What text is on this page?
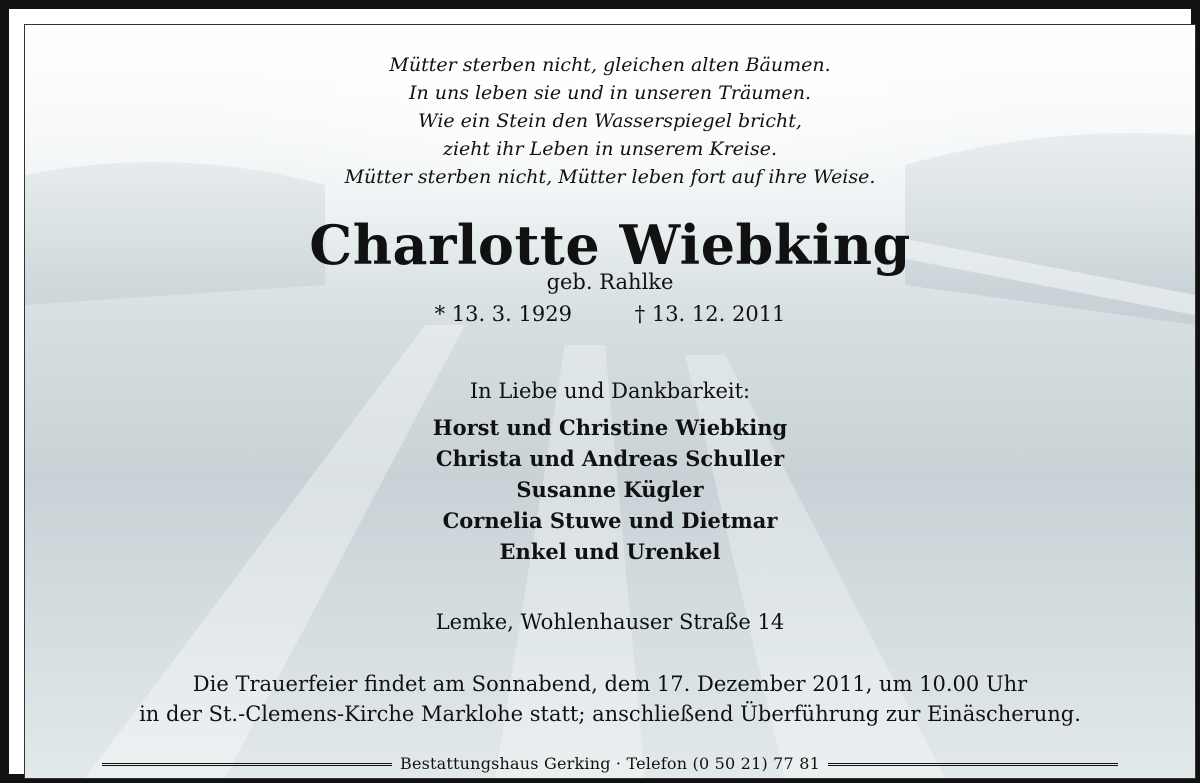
Mütter sterben nicht, gleichen alten Bäumen.
In uns leben sie und in unseren Träumen.
Wie ein Stein den Wasserspiegel bricht,
zieht ihr Leben in unserem Kreise.
Mütter sterben nicht, Mütter leben fort auf ihre Weise.
Charlotte Wiebking
geb. Rahlke
* 13. 3. 1929	† 13. 12. 2011
In Liebe und Dankbarkeit:
Horst und Christine Wiebking
Christa und Andreas Schuller
Susanne Kügler
Cornelia Stuwe und Dietmar
Enkel und Urenkel
Lemke, Wohlenhauser Straße 14
Die Trauerfeier findet am Sonnabend, dem 17. Dezember 2011, um 10.00 Uhr
in der St.-Clemens-Kirche Marklohe statt; anschließend Überführung zur Einäscherung.
Bestattungshaus Gerking · Telefon (0 50 21) 77 81
